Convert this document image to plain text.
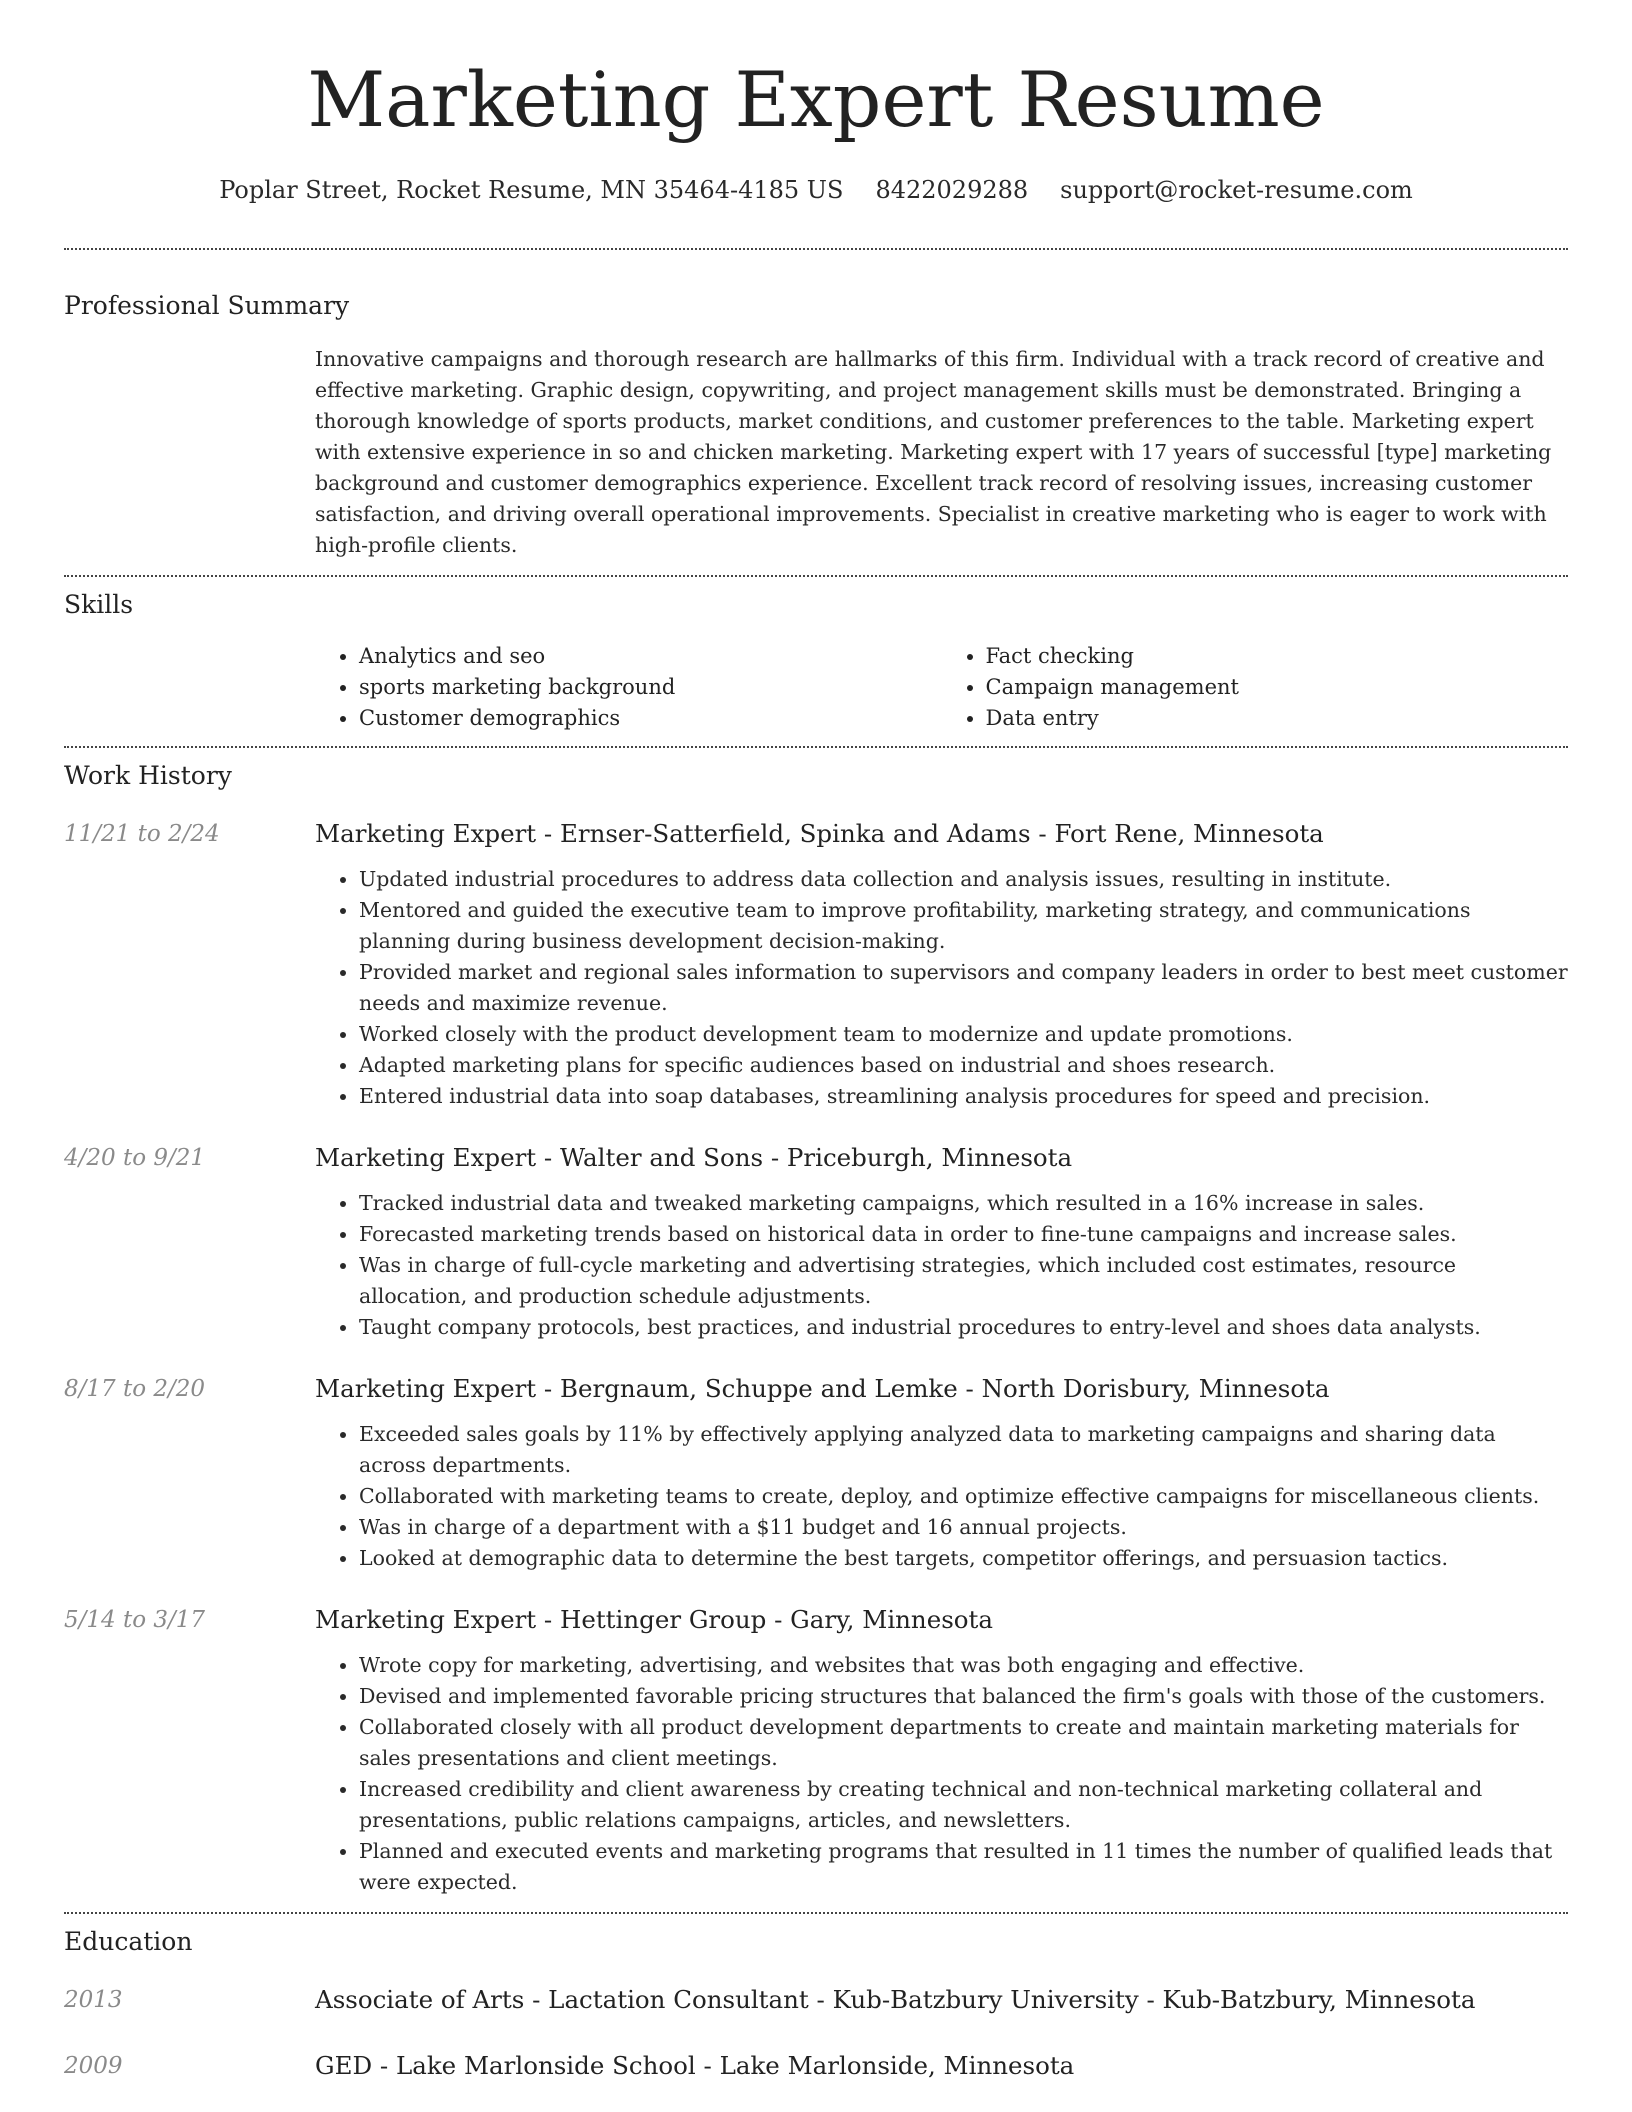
Marketing Expert Resume
Poplar Street, Rocket Resume, MN 35464-4185 US 8422029288 support@rocket-resume.com
Professional Summary

Innovative campaigns and thorough research are hallmarks of this firm. Individual with a track record of creative and effective marketing. Graphic design, copywriting, and project management skills must be demonstrated. Bringing a thorough knowledge of sports products, market conditions, and customer preferences to the table. Marketing expert with extensive experience in so and chicken marketing. Marketing expert with 17 years of successful [type] marketing background and customer demographics experience. Excellent track record of resolving issues, increasing customer satisfaction, and driving overall operational improvements. Specialist in creative marketing who is eager to work with high-profile clients.

Skills
• Analytics and seo
• sports marketing background
• Customer demographics
• Fact checking
• Campaign management
• Data entry
Work History
11/21 to 2/24	Marketing Expert - Ernser-Satterfield, Spinka and Adams - Fort Rene, Minnesota
• Updated industrial procedures to address data collection and analysis issues, resulting in institute.
• Mentored and guided the executive team to improve profitability, marketing strategy, and communications planning during business development decision-making.
• Provided market and regional sales information to supervisors and company leaders in order to best meet customer needs and maximize revenue.
• Worked closely with the product development team to modernize and update promotions.
• Adapted marketing plans for specific audiences based on industrial and shoes research.
• Entered industrial data into soap databases, streamlining analysis procedures for speed and precision.
4/20 to 9/21	Marketing Expert - Walter and Sons - Priceburgh, Minnesota
• Tracked industrial data and tweaked marketing campaigns, which resulted in a 16% increase in sales.
• Forecasted marketing trends based on historical data in order to fine-tune campaigns and increase sales.
• Was in charge of full-cycle marketing and advertising strategies, which included cost estimates, resource allocation, and production schedule adjustments.
• Taught company protocols, best practices, and industrial procedures to entry-level and shoes data analysts.
8/17 to 2/20	Marketing Expert - Bergnaum, Schuppe and Lemke - North Dorisbury, Minnesota
• Exceeded sales goals by 11% by effectively applying analyzed data to marketing campaigns and sharing data across departments.
• Collaborated with marketing teams to create, deploy, and optimize effective campaigns for miscellaneous clients.
• Was in charge of a department with a $11 budget and 16 annual projects.
• Looked at demographic data to determine the best targets, competitor offerings, and persuasion tactics.
5/14 to 3/17	Marketing Expert - Hettinger Group - Gary, Minnesota
• Wrote copy for marketing, advertising, and websites that was both engaging and effective.
• Devised and implemented favorable pricing structures that balanced the firm's goals with those of the customers.
• Collaborated closely with all product development departments to create and maintain marketing materials for sales presentations and client meetings.
• Increased credibility and client awareness by creating technical and non-technical marketing collateral and presentations, public relations campaigns, articles, and newsletters.
• Planned and executed events and marketing programs that resulted in 11 times the number of qualified leads that were expected.
Education
2013	Associate of Arts - Lactation Consultant - Kub-Batzbury University - Kub-Batzbury, Minnesota
2009	GED - Lake Marlonside School - Lake Marlonside, Minnesota
